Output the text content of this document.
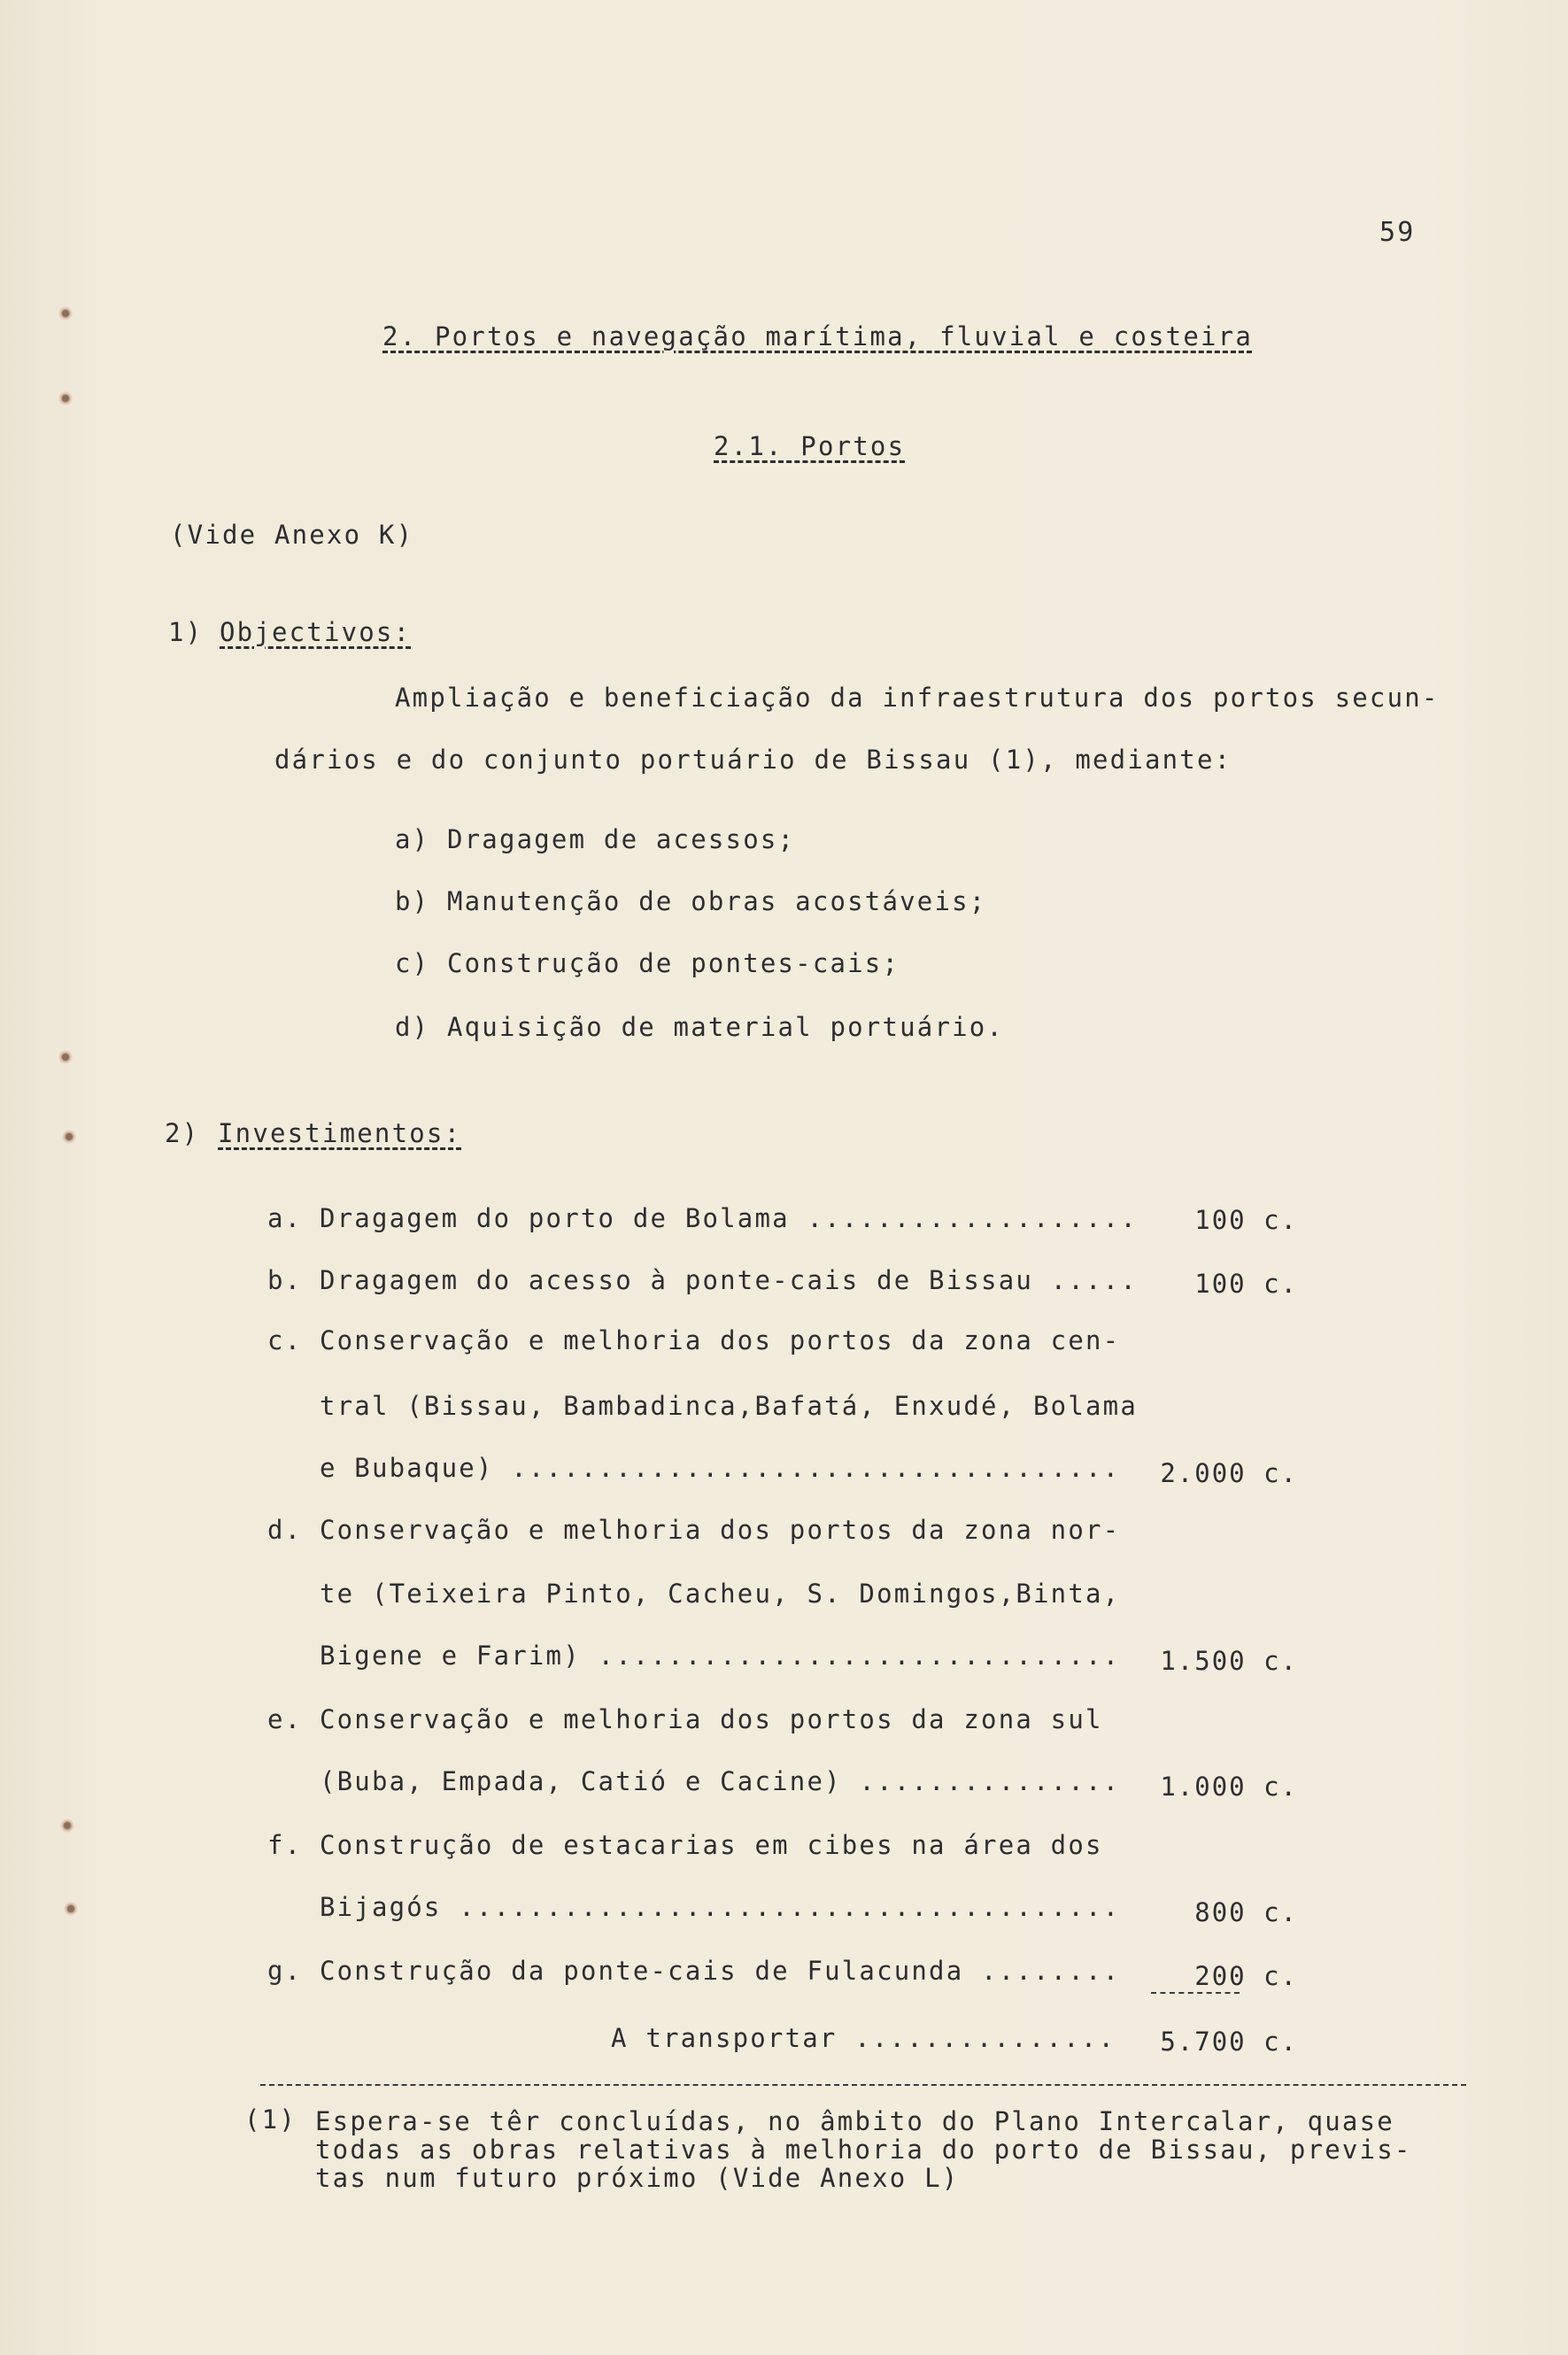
59
2. Portos e navegação marítima, fluvial e costeira
2.1. Portos
(Vide Anexo K)
1) Objectivos:
Ampliação e beneficiação da infraestrutura dos portos secun-
dários e do conjunto portuário de Bissau (1), mediante:
a) Dragagem de acessos;
b) Manutenção de obras acostáveis;
c) Construção de pontes-cais;
d) Aquisição de material portuário.
2) Investimentos:
a. Dragagem do porto de Bolama ...................	100 c.
b. Dragagem do acesso à ponte-cais de Bissau .....	100 c.
c. Conservação e melhoria dos portos da zona cen-
tral (Bissau, Bambadinca,Bafatá, Enxudé, Bolama
e Bubaque) ...................................	2.000 c.
d. Conservação e melhoria dos portos da zona nor-
te (Teixeira Pinto, Cacheu, S. Domingos,Binta,
Bigene e Farim) ..............................	1.500 c.
e. Conservação e melhoria dos portos da zona sul
(Buba, Empada, Catió e Cacine) ...............	1.000 c.
f. Construção de estacarias em cibes na área dos
Bijagós ......................................	800 c.
g. Construção da ponte-cais de Fulacunda ........	200 c.
A transportar ...............	5.700 c.
(1) Espera-se têr concluídas, no âmbito do Plano Intercalar, quase
todas as obras relativas à melhoria do porto de Bissau, previs-
tas num futuro próximo (Vide Anexo L)
